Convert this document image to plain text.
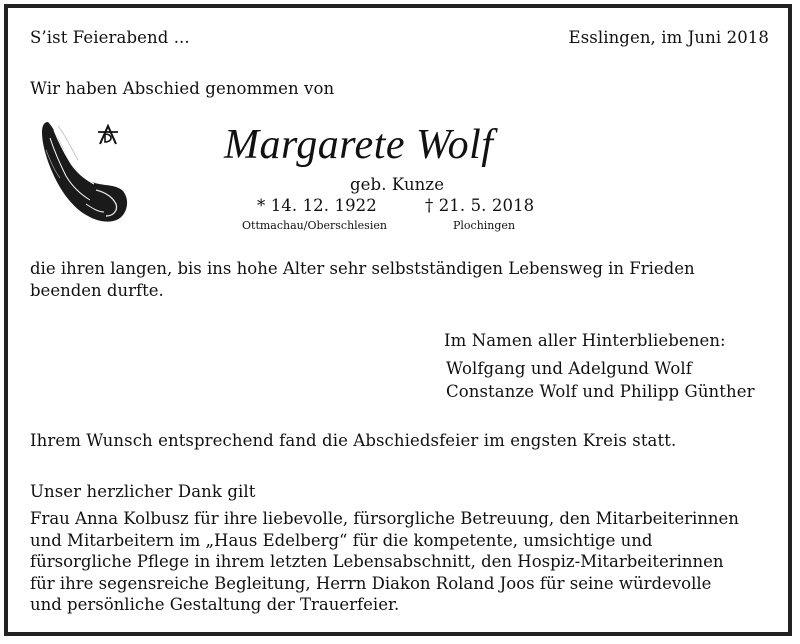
S’ist Feierabend ...	Esslingen, im Juni 2018
Wir haben Abschied genommen von
Margarete Wolf
geb. Kunze
* 14. 12. 1922	† 21. 5. 2018
Ottmachau/Oberschlesien	Plochingen
die ihren langen, bis ins hohe Alter sehr selbstständigen Lebensweg in Frieden
beenden durfte.
Im Namen aller Hinterbliebenen:
Wolfgang und Adelgund Wolf
Constanze Wolf und Philipp Günther
Ihrem Wunsch entsprechend fand die Abschiedsfeier im engsten Kreis statt.
Unser herzlicher Dank gilt
Frau Anna Kolbusz für ihre liebevolle, fürsorgliche Betreuung, den Mitarbeiterinnen
und Mitarbeitern im „Haus Edelberg“ für die kompetente, umsichtige und
fürsorgliche Pflege in ihrem letzten Lebensabschnitt, den Hospiz-Mitarbeiterinnen
für ihre segensreiche Begleitung, Herrn Diakon Roland Joos für seine würdevolle
und persönliche Gestaltung der Trauerfeier.
